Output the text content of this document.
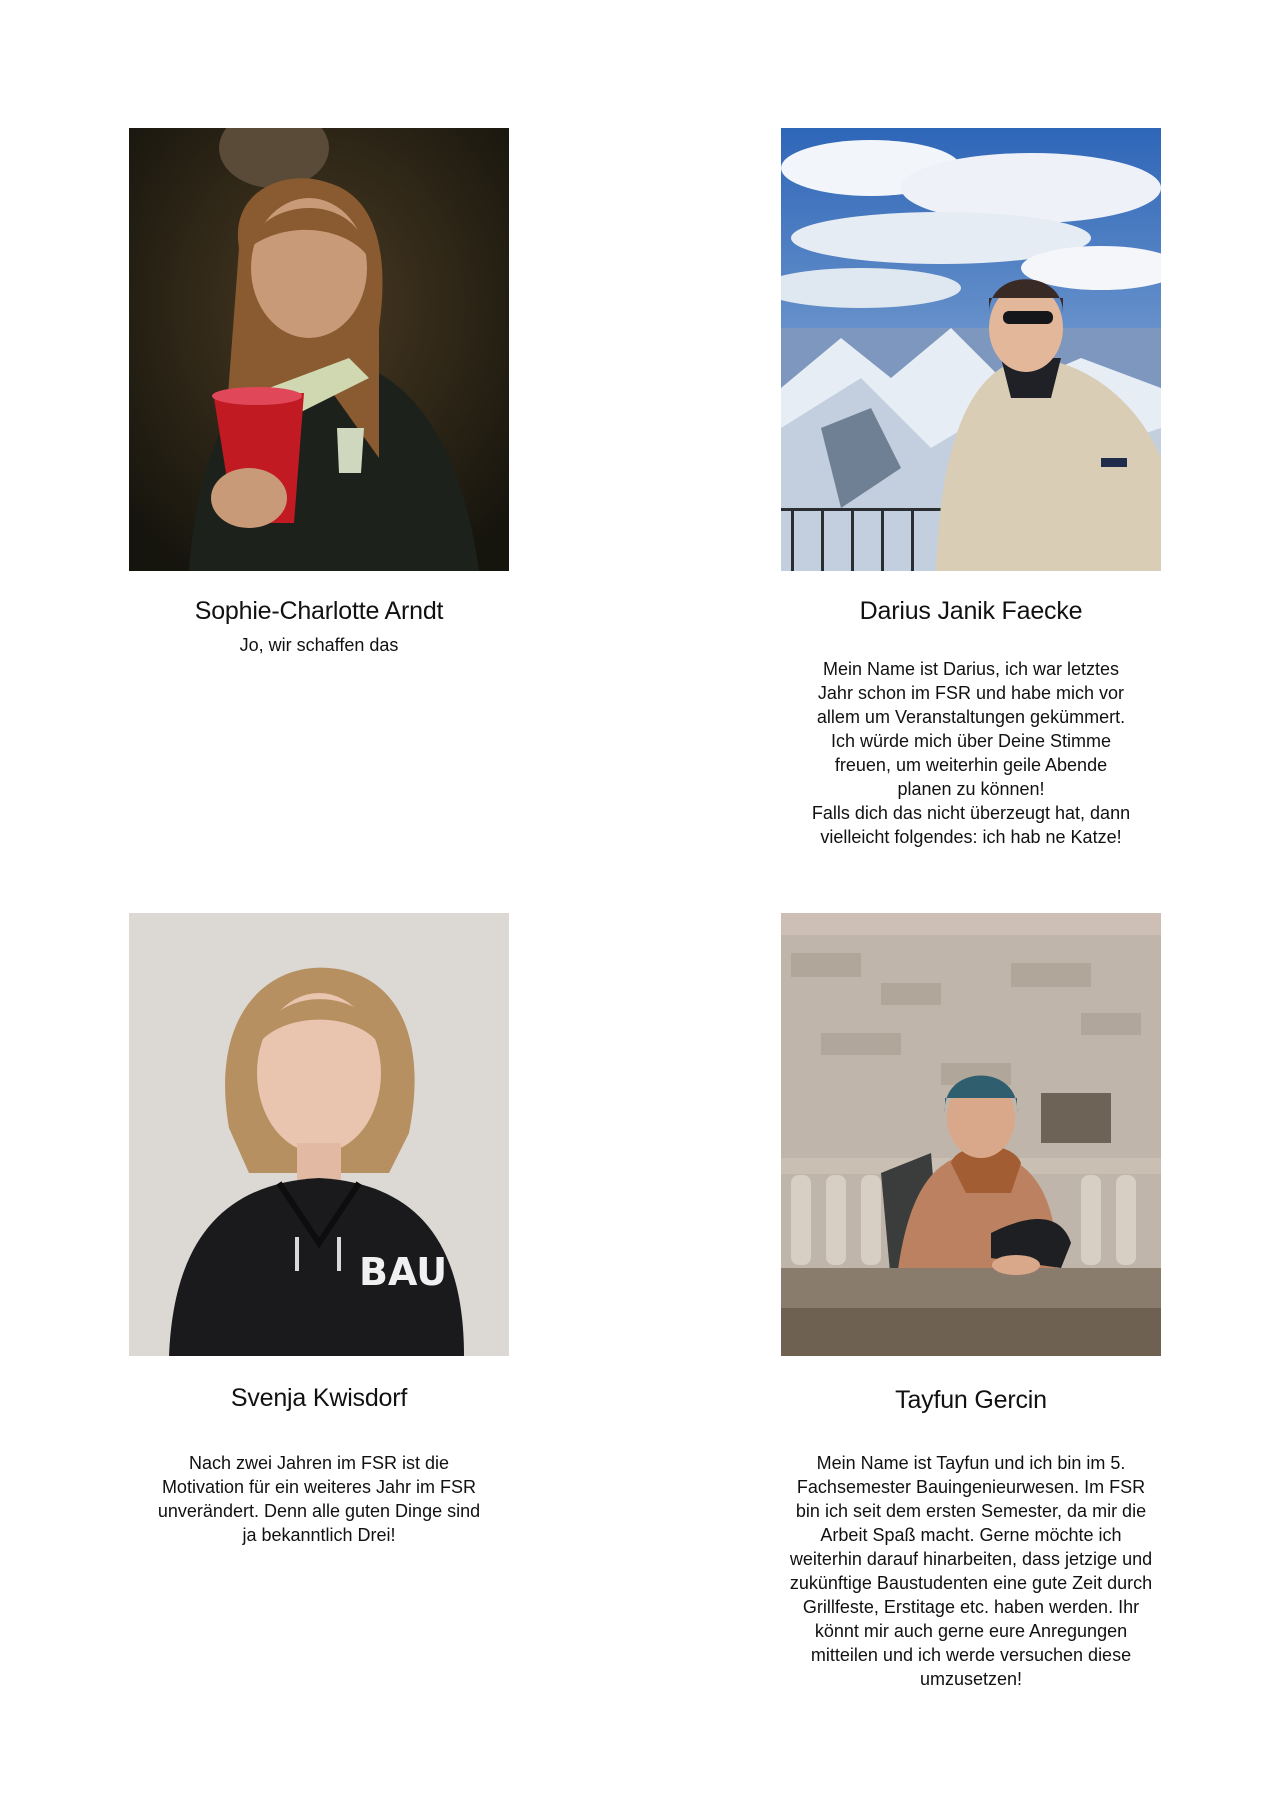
Sophie-Charlotte Arndt

Jo, wir schaffen das

Darius Janik Faecke

Mein Name ist Darius, ich war letztes Jahr schon im FSR und habe mich vor allem um Veranstaltungen gekümmert.

Ich würde mich über Deine Stimme freuen, um weiterhin geile Abende planen zu können!

Falls dich das nicht überzeugt hat, dann vielleicht folgendes: ich hab ne Katze!

BAU
Svenja Kwisdorf

Nach zwei Jahren im FSR ist die Motivation für ein weiteres Jahr im FSR unverändert. Denn alle guten Dinge sind ja bekanntlich Drei!

Tayfun Gercin

Mein Name ist Tayfun und ich bin im 5. Fachsemester Bauingenieurwesen. Im FSR bin ich seit dem ersten Semester, da mir die Arbeit Spaß macht. Gerne möchte ich weiterhin darauf hinarbeiten, dass jetzige und zukünftige Baustudenten eine gute Zeit durch Grillfeste, Erstitage etc. haben werden. Ihr könnt mir auch gerne eure Anregungen mitteilen und ich werde versuchen diese umzusetzen!
